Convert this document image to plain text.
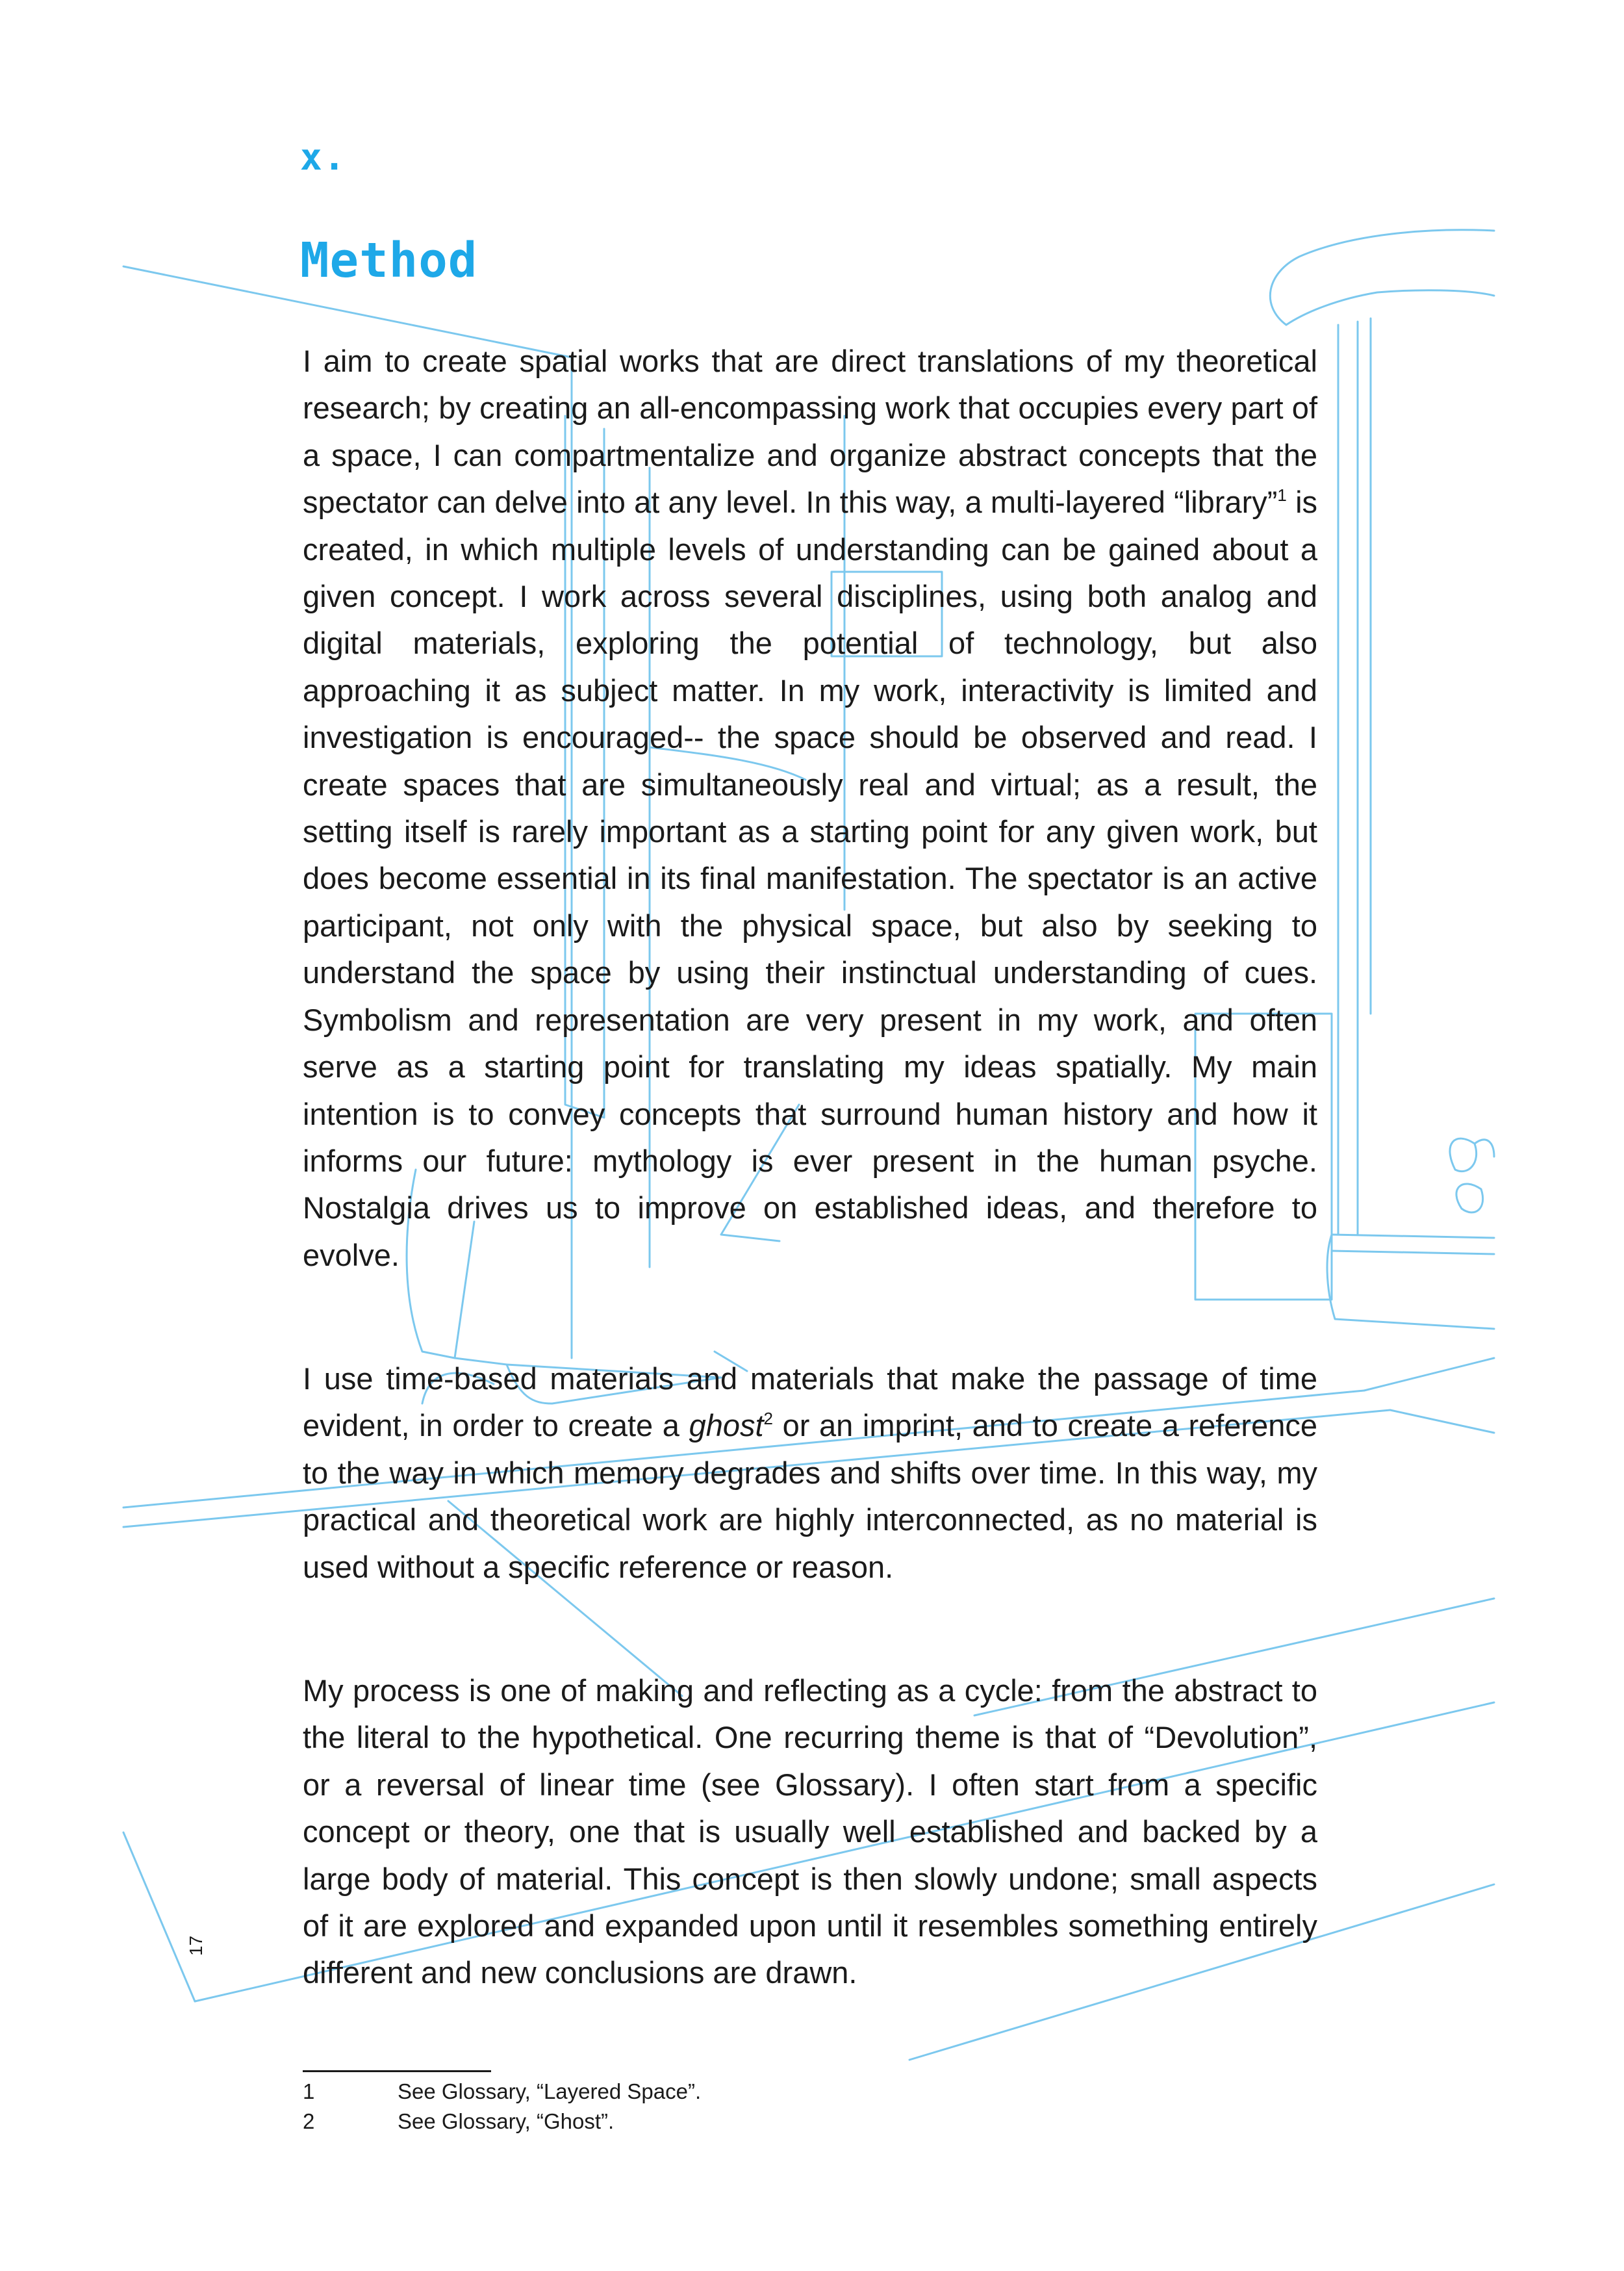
x.
Method

I aim to create spatial works that are direct translations of my theoretical research; by creating an all-encompassing work that occupies every part of a space, I can compartmentalize and organize abstract concepts that the spectator can delve into at any level. In this way, a multi-layered “library”$^1$ is created, in which multiple levels of understanding can be gained about a given concept. I work across several disciplines, using both analog and digital materials, exploring the potential of technology, but also approaching it as subject matter. In my work, interactivity is limited and investigation is encouraged-- the space should be observed and read. I create spaces that are simultaneously real and virtual; as a result, the setting itself is rarely important as a starting point for any given work, but does become essential in its final manifestation. The spectator is an active participant, not only with the physical space, but also by seeking to understand the space by using their instinctual understanding of cues. Symbolism and representation are very present in my work, and often serve as a starting point for translating my ideas spatially. My main intention is to convey concepts that surround human history and how it informs our future: mythology is ever present in the human psyche. Nostalgia drives us to improve on established ideas, and therefore to evolve.

I use time-based materials and materials that make the passage of time evident, in order to create a ghost$^2$ or an imprint, and to create a reference to the way in which memory degrades and shifts over time. In this way, my practical and theoretical work are highly interconnected, as no material is used without a specific reference or reason.

My process is one of making and reflecting as a cycle: from the abstract to the literal to the hypothetical. One recurring theme is that of “Devolution”, or a reversal of linear time (see Glossary). I often start from a specific concept or theory, one that is usually well established and backed by a large body of material. This concept is then slowly undone; small aspects of it are explored and expanded upon until it resembles something entirely different and new conclusions are drawn.

17
1	See Glossary, “Layered Space”.
2	See Glossary, “Ghost”.
